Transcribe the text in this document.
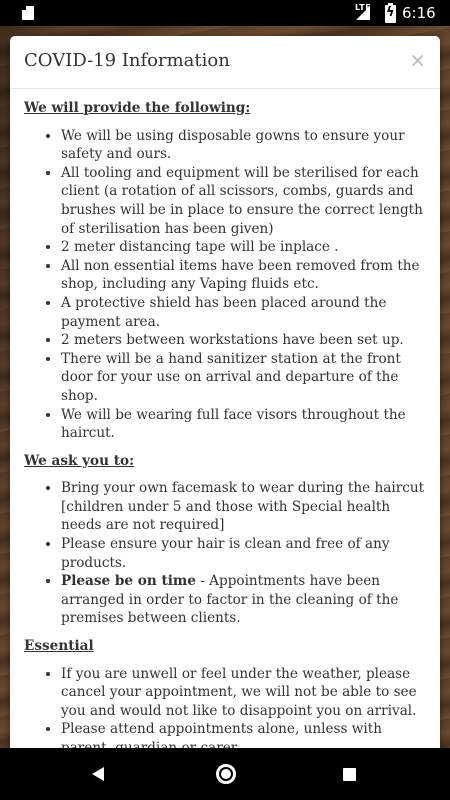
LTE
ϟ 6:16
COVID-19 Information	×

We will provide the following:

• We will be using disposable gowns to ensure your safety and ours.
• All tooling and equipment will be sterilised for each client (a rotation of all scissors, combs, guards and brushes will be in place to ensure the correct length of sterilisation has been given)
• 2 meter distancing tape will be inplace .
• All non essential items have been removed from the shop, including any Vaping fluids etc.
• A protective shield has been placed around the payment area.
• 2 meters between workstations have been set up.
• There will be a hand sanitizer station at the front door for your use on arrival and departure of the shop.
• We will be wearing full face visors throughout the haircut.

We ask you to:

• Bring your own facemask to wear during the haircut [children under 5 and those with Special health needs are not required]
• Please ensure your hair is clean and free of any products.
• Please be on time - Appointments have been arranged in order to factor in the cleaning of the premises between clients.

Essential

• If you are unwell or feel under the weather, please cancel your appointment, we will not be able to see you and would not like to disappoint you on arrival.
• Please attend appointments alone, unless with
